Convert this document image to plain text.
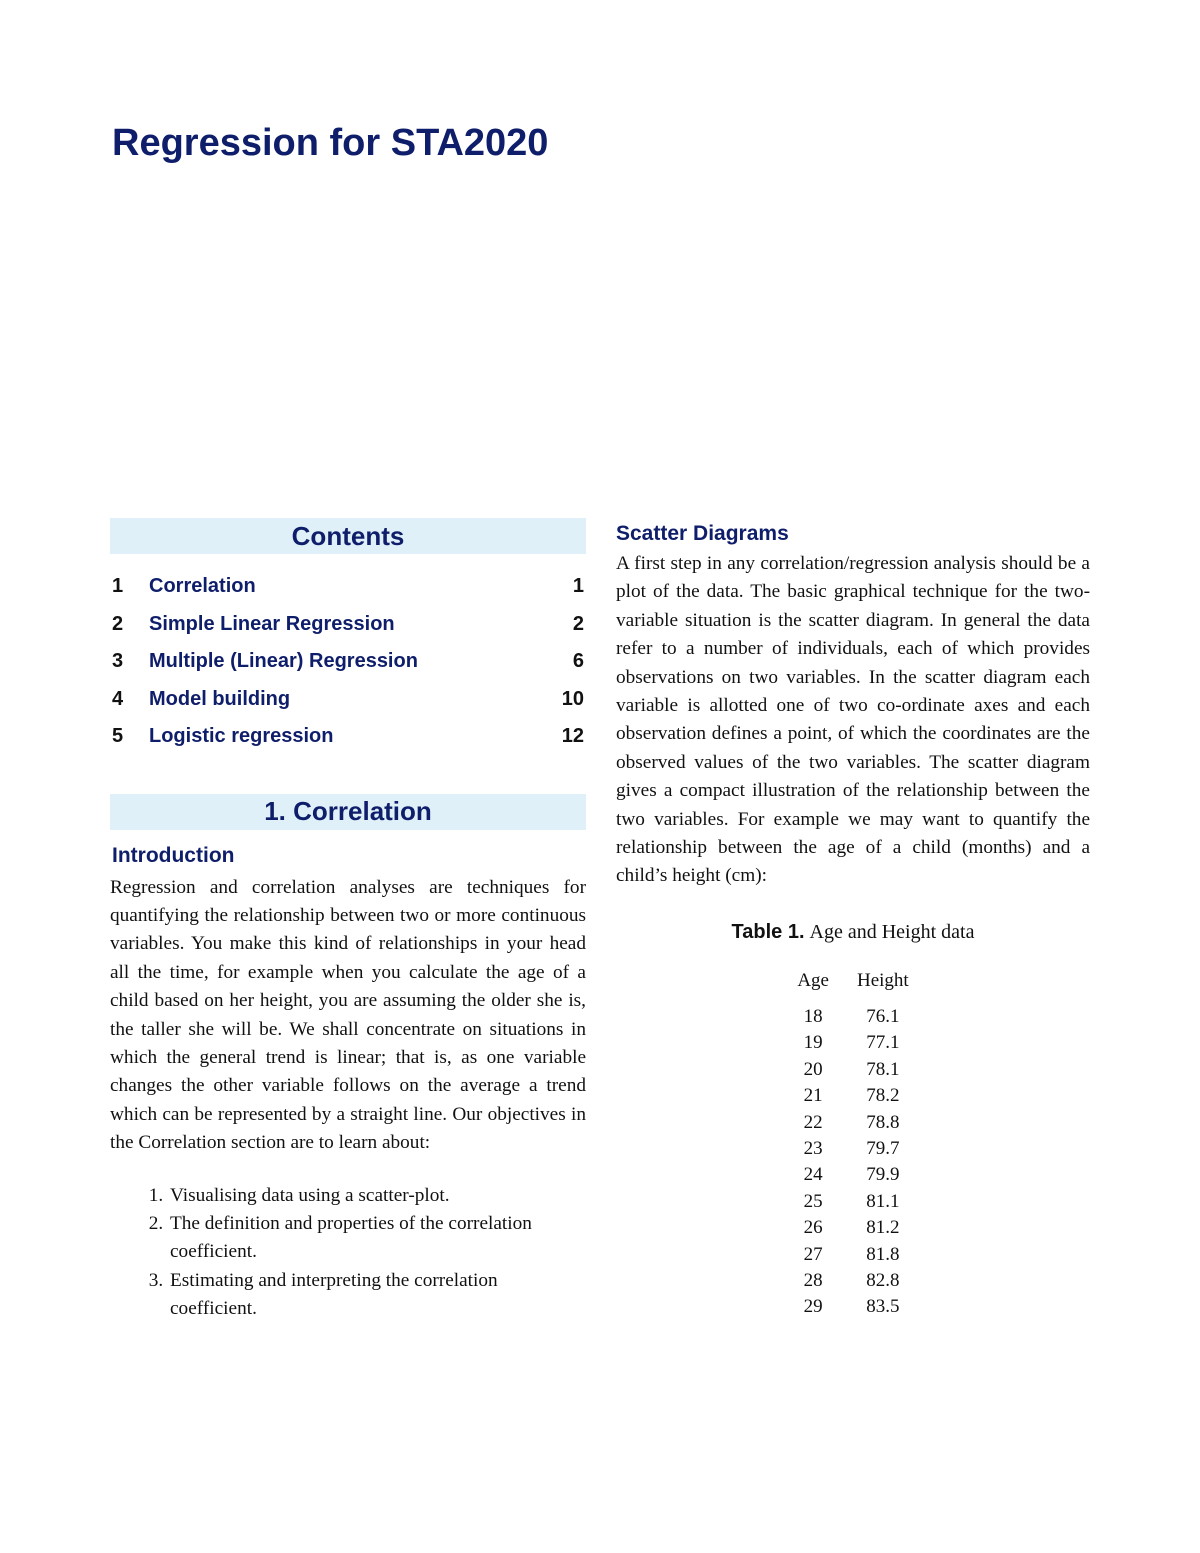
Regression for STA2020
Contents
1	Correlation	1
2	Simple Linear Regression	2
3	Multiple (Linear) Regression	6
4	Model building	10
5	Logistic regression	12
1. Correlation
Introduction

Regression and correlation analyses are techniques for quantifying the relationship between two or more continuous variables. You make this kind of relationships in your head all the time, for example when you calculate the age of a child based on her height, you are assuming the older she is, the taller she will be. We shall concentrate on situations in which the general trend is linear; that is, as one variable changes the other variable follows on the average a trend which can be represented by a straight line. Our objectives in the Correlation section are to learn about:

1. Visualising data using a scatter-plot.
2. The definition and properties of the correlation coefficient.
3. Estimating and interpreting the correlation coefficient.
Scatter Diagrams

A first step in any correlation/regression analysis should be a plot of the data. The basic graphical technique for the two-variable situation is the scatter diagram. In general the data refer to a number of individuals, each of which provides observations on two variables. In the scatter diagram each variable is allotted one of two co-ordinate axes and each observation defines a point, of which the coordinates are the observed values of the two variables. The scatter diagram gives a compact illustration of the relationship between the two variables. For example we may want to quantify the relationship between the age of a child (months) and a child’s height (cm):

Table 1. Age and Height data
Age	Height
18	76.1
19	77.1
20	78.1
21	78.2
22	78.8
23	79.7
24	79.9
25	81.1
26	81.2
27	81.8
28	82.8
29	83.5
